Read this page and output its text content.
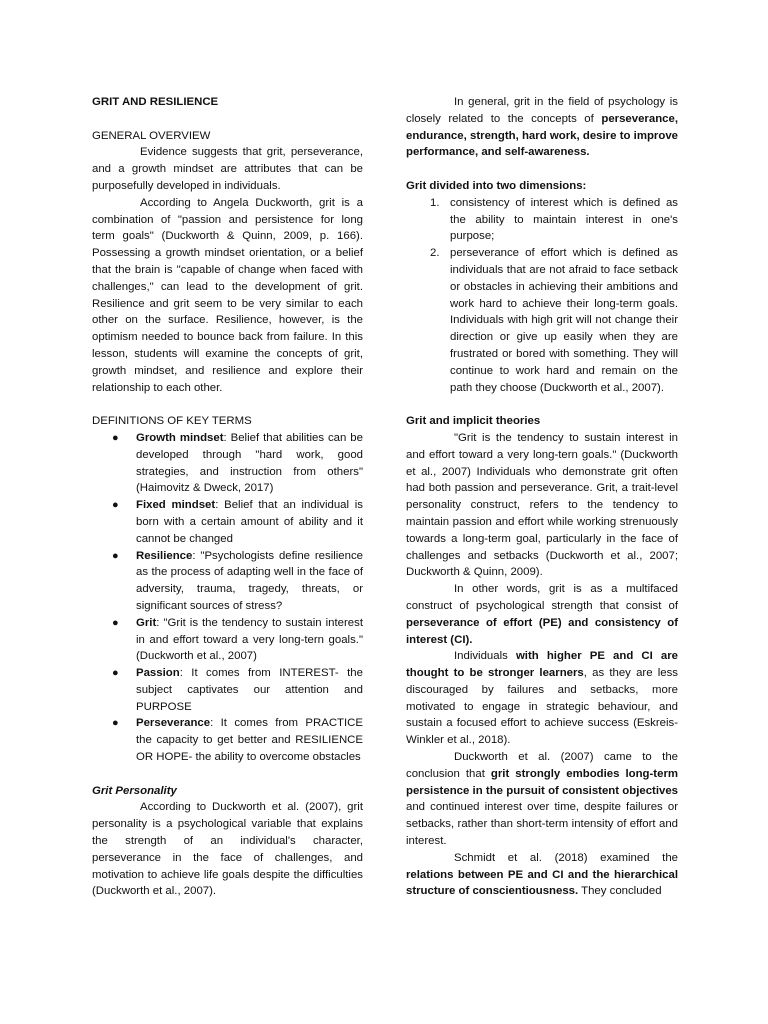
GRIT AND RESILIENCE

GENERAL OVERVIEW

Evidence suggests that grit, perseverance, and a growth mindset are attributes that can be purposefully developed in individuals.

According to Angela Duckworth, grit is a combination of "passion and persistence for long term goals" (Duckworth & Quinn, 2009, p. 166). Possessing a growth mindset orientation, or a belief that the brain is "capable of change when faced with challenges," can lead to the development of grit. Resilience and grit seem to be very similar to each other on the surface. Resilience, however, is the optimism needed to bounce back from failure. In this lesson, students will examine the concepts of grit, growth mindset, and resilience and explore their relationship to each other.

DEFINITIONS OF KEY TERMS

● Growth mindset: Belief that abilities can be developed through "hard work, good strategies, and instruction from others" (Haimovitz & Dweck, 2017)
● Fixed mindset: Belief that an individual is born with a certain amount of ability and it cannot be changed
● Resilience: "Psychologists define resilience as the process of adapting well in the face of adversity, trauma, tragedy, threats, or significant sources of stress?
● Grit: "Grit is the tendency to sustain interest in and effort toward a very long-tern goals." (Duckworth et al., 2007)
● Passion: It comes from INTEREST- the subject captivates our attention and PURPOSE
● Perseverance: It comes from PRACTICE the capacity to get better and RESILIENCE OR HOPE- the ability to overcome obstacles

Grit Personality

According to Duckworth et al. (2007), grit personality is a psychological variable that explains the strength of an individual's character, perseverance in the face of challenges, and motivation to achieve life goals despite the difficulties (Duckworth et al., 2007).

In general, grit in the field of psychology is closely related to the concepts of perseverance, endurance, strength, hard work, desire to improve performance, and self-awareness.

Grit divided into two dimensions:

1. consistency of interest which is defined as the ability to maintain interest in one's purpose;
2. perseverance of effort which is defined as individuals that are not afraid to face setback or obstacles in achieving their ambitions and work hard to achieve their long-term goals. Individuals with high grit will not change their direction or give up easily when they are frustrated or bored with something. They will continue to work hard and remain on the path they choose (Duckworth et al., 2007).

Grit and implicit theories

"Grit is the tendency to sustain interest in and effort toward a very long-tern goals." (Duckworth et al., 2007) Individuals who demonstrate grit often had both passion and perseverance. Grit, a trait-level personality construct, refers to the tendency to maintain passion and effort while working strenuously towards a long-term goal, particularly in the face of challenges and setbacks (Duckworth et al., 2007; Duckworth & Quinn, 2009).

In other words, grit is as a multifaced construct of psychological strength that consist of perseverance of effort (PE) and consistency of interest (CI).

Individuals with higher PE and CI are thought to be stronger learners, as they are less discouraged by failures and setbacks, more motivated to engage in strategic behaviour, and sustain a focused effort to achieve success (Eskreis-Winkler et al., 2018).

Duckworth et al. (2007) came to the conclusion that grit strongly embodies long-term persistence in the pursuit of consistent objectives and continued interest over time, despite failures or setbacks, rather than short-term intensity of effort and interest.

Schmidt et al. (2018) examined the relations between PE and CI and the hierarchical structure of conscientiousness. They concluded
